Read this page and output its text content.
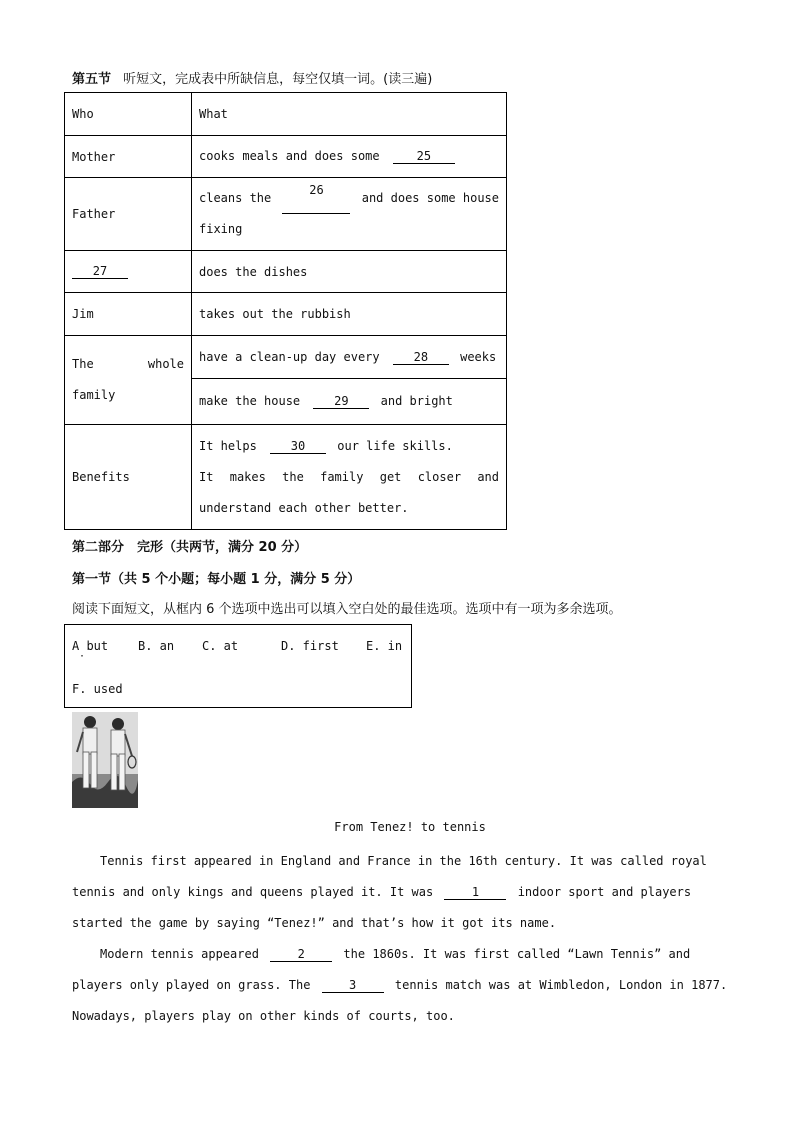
第五节 听短文，完成表中所缺信息，每空仅填一词。(读三遍)
Who	What
Mother	cooks meals and does some 25
Father	cleans the
26
and does some house
fixing

27	does the dishes
Jim	takes out the rubbish

The whole
family	have a clean-up day every 28 weeks
	make the house 29 and bright
Benefits	It helps 30 our life skills.
It makes the family get closer and
understand each other better.
第二部分　完形（共两节，满分 20 分）
第一节（共 5 个小题；每小题 1 分，满分 5 分）
阅读下面短文，从框内 6 个选项中选出可以填入空白处的最佳选项。选项中有一项为多余选项。
A but
·
B. an C. at	D. first E. in
F. used
From Tenez! to tennis
Tennis first appeared in England and France in the 16th century. It was called royal
tennis and only kings and queens played it. It was	1	indoor sport and players
started the game by saying “Tenez!” and that’s how it got its name.
Modern tennis appeared	2	the 1860s. It was first called “Lawn Tennis” and
players only played on grass. The	3	tennis match was at Wimbledon, London in 1877.
Nowadays, players play on other kinds of courts, too.
